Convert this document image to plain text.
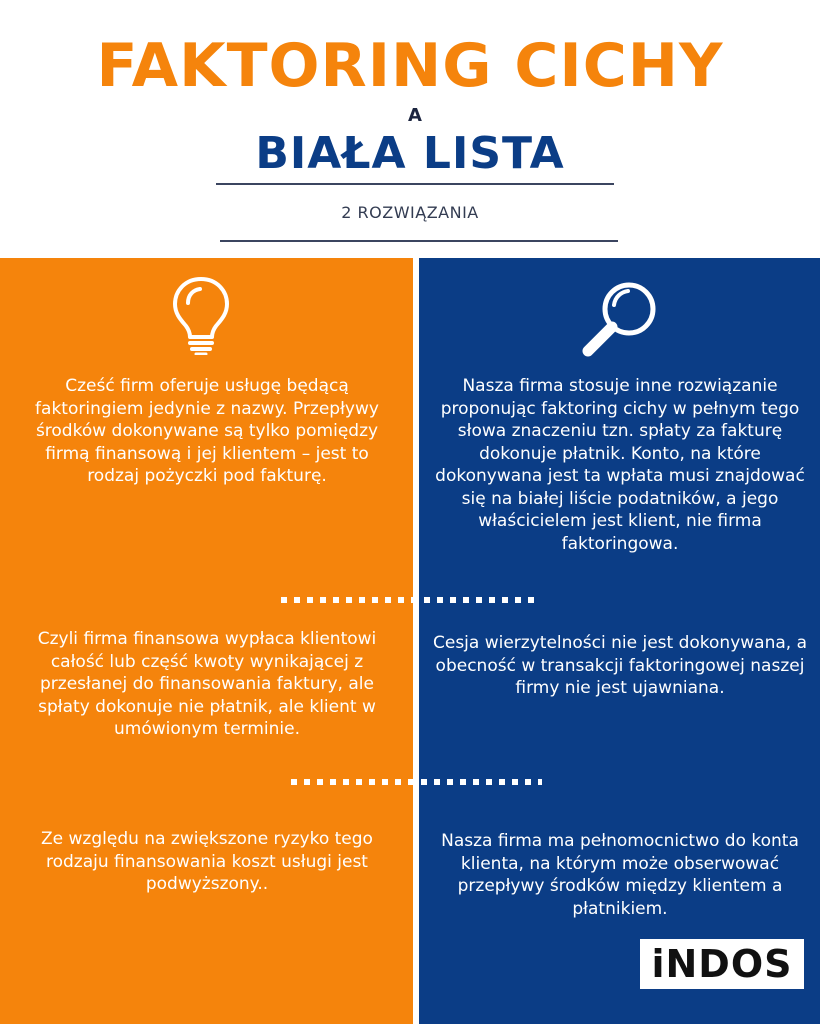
FAKTORING CICHY
A
BIAŁA LISTA
2 ROZWIĄZANIA

Cześć firm oferuje usługę będącą faktoringiem jedynie z nazwy. Przepływy środków dokonywane są tylko pomiędzy firmą finansową i jej klientem – jest to rodzaj pożyczki pod fakturę.

Nasza firma stosuje inne rozwiązanie proponując faktoring cichy w pełnym tego słowa znaczeniu tzn. spłaty za fakturę dokonuje płatnik. Konto, na które dokonywana jest ta wpłata musi znajdować się na białej liście podatników, a jego właścicielem jest klient, nie firma faktoringowa.

Czyli firma finansowa wypłaca klientowi całość lub część kwoty wynikającej z przesłanej do finansowania faktury, ale spłaty dokonuje nie płatnik, ale klient w umówionym terminie.

Cesja wierzytelności nie jest dokonywana, a obecność w transakcji faktoringowej naszej firmy nie jest ujawniana.

Ze względu na zwiększone ryzyko tego rodzaju finansowania koszt usługi jest podwyższony..

Nasza firma ma pełnomocnictwo do konta klienta, na którym może obserwować przepływy środków między klientem a płatnikiem.

iNDOS
